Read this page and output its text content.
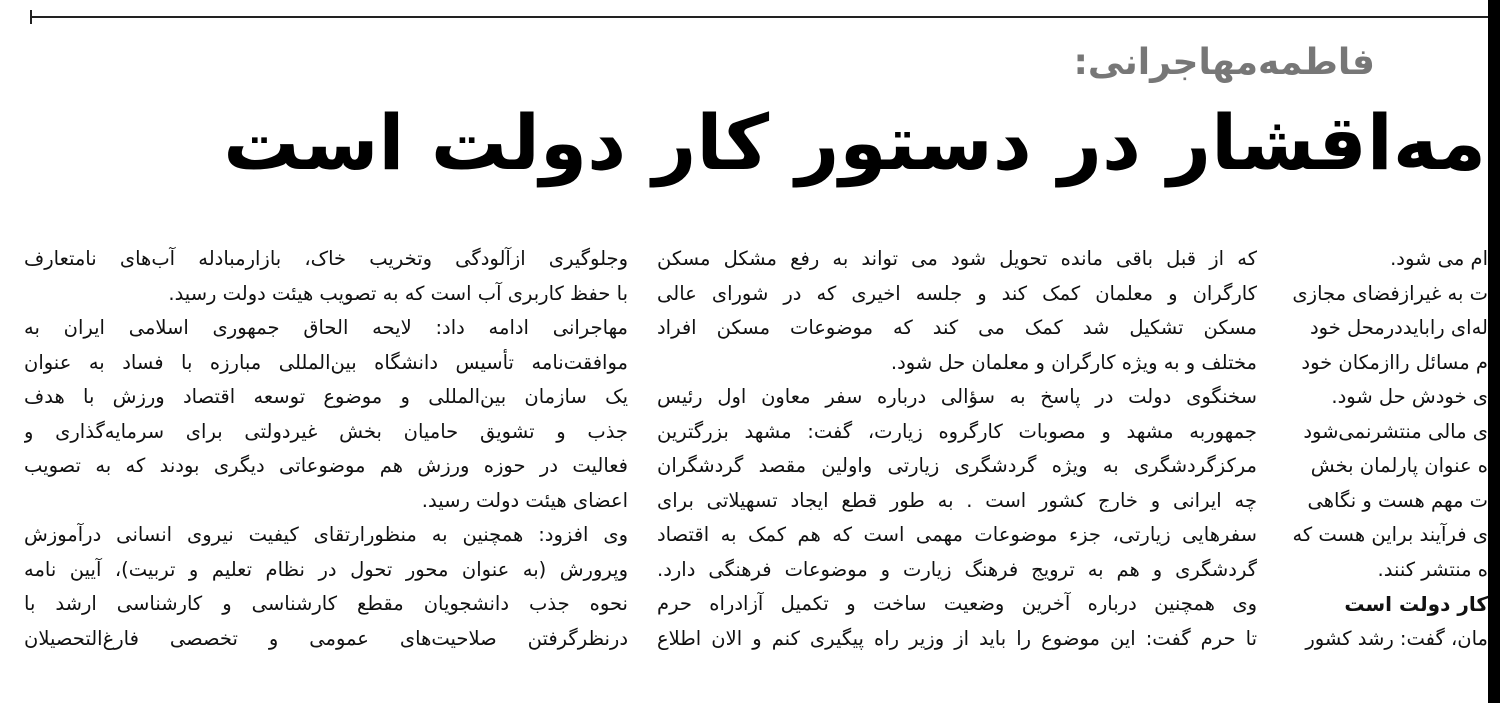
فاطمه‌مهاجرانی:
مه‌اقشار در دستور کار دولت است
ام می شود.
ت به غیرازفضای مجازی
له‌ای رابایددرمحل خود
م مسائل راازمکان خود
ی خودش حل شود.
ی مالی منتشرنمی‌شود
ه عنوان پارلمان بخش
ت مهم هست و نگاهی
ی فرآیند براین هست که
ه منتشر کنند.
کار دولت است
مان، گفت: رشد کشور
که از قبل باقی مانده تحویل شود می تواند به رفع مشکل مسکن
کارگران و معلمان کمک کند و جلسه اخیری که در شورای عالی
مسکن تشکیل شد کمک می کند که موضوعات مسکن افراد
مختلف و به ویژه کارگران و معلمان حل شود.
سخنگوی دولت در پاسخ به سؤالی درباره سفر معاون اول رئیس
جمهوربه مشهد و مصوبات کارگروه زیارت، گفت: مشهد بزرگترین
مرکزگردشگری به ویژه گردشگری زیارتی واولین مقصد گردشگران
چه ایرانی و خارج کشور است . به طور قطع ایجاد تسهیلاتی برای
سفرهایی زیارتی، جزء موضوعات مهمی است که هم کمک به اقتصاد
گردشگری و هم به ترویج فرهنگ زیارت و موضوعات فرهنگی دارد.
وی همچنین درباره آخرین وضعیت ساخت و تکمیل آزادراه حرم
تا حرم گفت: این موضوع را باید از وزیر راه پیگیری کنم و الان اطلاع
وجلوگیری ازآلودگی وتخریب خاک، بازارمبادله آب‌های نامتعارف
با حفظ کاربری آب است که به تصویب هیئت دولت رسید.
مهاجرانی ادامه داد: لایحه الحاق جمهوری اسلامی ایران به
موافقت‌نامه تأسیس دانشگاه بین‌المللی مبارزه با فساد به عنوان
یک سازمان بین‌المللی و موضوع توسعه اقتصاد ورزش با هدف
جذب و تشویق حامیان بخش غیردولتی برای سرمایه‌گذاری و
فعالیت در حوزه ورزش هم موضوعاتی دیگری بودند که به تصویب
اعضای هیئت دولت رسید.
وی افزود: همچنین به منظورارتقای کیفیت نیروی انسانی درآموزش
وپرورش (به عنوان محور تحول در نظام تعلیم و تربیت)، آیین نامه
نحوه جذب دانشجویان مقطع کارشناسی و کارشناسی ارشد با
درنظرگرفتن صلاحیت‌های عمومی و تخصصی فارغ‌التحصیلان
